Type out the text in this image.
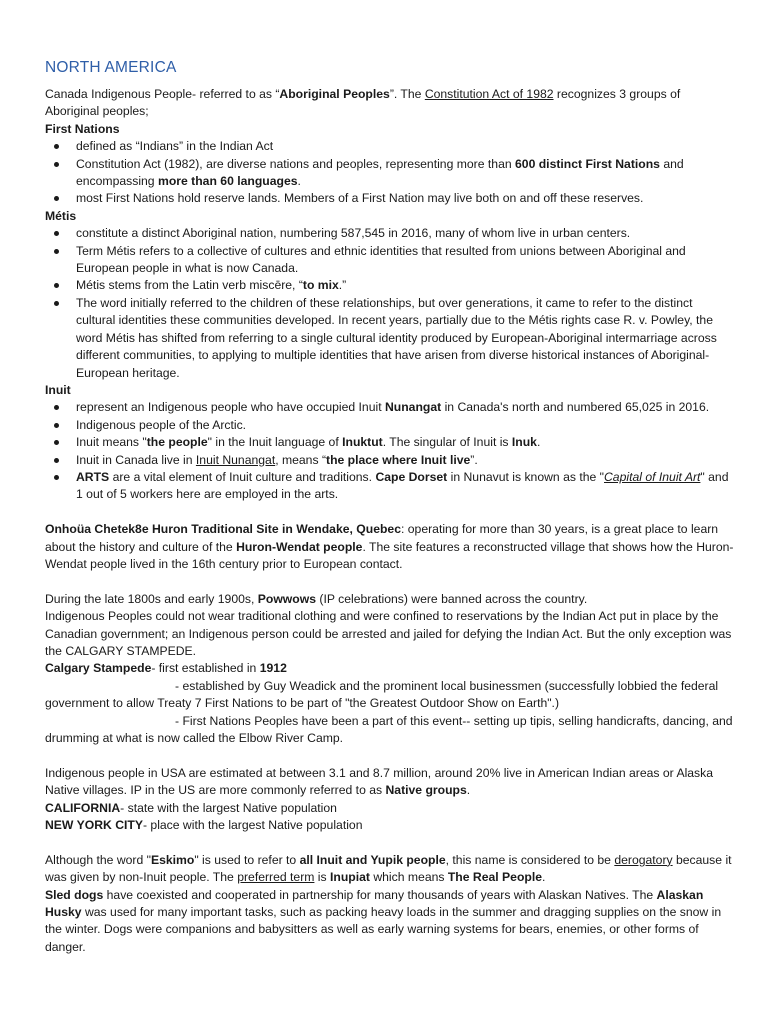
NORTH AMERICA

Canada Indigenous People- referred to as “Aboriginal Peoples”. The Constitution Act of 1982 recognizes 3 groups of Aboriginal peoples;

First Nations

defined as “Indians” in the Indian Act
Constitution Act (1982), are diverse nations and peoples, representing more than 600 distinct First Nations and encompassing more than 60 languages.
most First Nations hold reserve lands. Members of a First Nation may live both on and off these reserves.

Métis

constitute a distinct Aboriginal nation, numbering 587,545 in 2016, many of whom live in urban centers.
Term Métis refers to a collective of cultures and ethnic identities that resulted from unions between Aboriginal and European people in what is now Canada.
Métis stems from the Latin verb miscēre, “to mix.”
The word initially referred to the children of these relationships, but over generations, it came to refer to the distinct cultural identities these communities developed. In recent years, partially due to the Métis rights case R. v. Powley, the word Métis has shifted from referring to a single cultural identity produced by European-Aboriginal intermarriage across different communities, to applying to multiple identities that have arisen from diverse historical instances of Aboriginal-European heritage.

Inuit

represent an Indigenous people who have occupied Inuit Nunangat in Canada's north and numbered 65,025 in 2016.
Indigenous people of the Arctic.
Inuit means "the people" in the Inuit language of Inuktut. The singular of Inuit is Inuk.
Inuit in Canada live in Inuit Nunangat, means “the place where Inuit live”.
ARTS are a vital element of Inuit culture and traditions. Cape Dorset in Nunavut is known as the "Capital of Inuit Art" and 1 out of 5 workers here are employed in the arts.

Onhoüa Chetek8e Huron Traditional Site in Wendake, Quebec: operating for more than 30 years, is a great place to learn about the history and culture of the Huron-Wendat people. The site features a reconstructed village that shows how the Huron-Wendat people lived in the 16th century prior to European contact.

During the late 1800s and early 1900s, Powwows (IP celebrations) were banned across the country.

Indigenous Peoples could not wear traditional clothing and were confined to reservations by the Indian Act put in place by the Canadian government; an Indigenous person could be arrested and jailed for defying the Indian Act. But the only exception was the CALGARY STAMPEDE.

Calgary Stampede- first established in 1912

- established by Guy Weadick and the prominent local businessmen (successfully lobbied the federal

government to allow Treaty 7 First Nations to be part of "the Greatest Outdoor Show on Earth".)

- First Nations Peoples have been a part of this event-- setting up tipis, selling handicrafts, dancing, and

drumming at what is now called the Elbow River Camp.

Indigenous people in USA are estimated at between 3.1 and 8.7 million, around 20% live in American Indian areas or Alaska Native villages. IP in the US are more commonly referred to as Native groups.

CALIFORNIA- state with the largest Native population

NEW YORK CITY- place with the largest Native population

Although the word "Eskimo" is used to refer to all Inuit and Yupik people, this name is considered to be derogatory because it was given by non-Inuit people. The preferred term is Inupiat which means The Real People.

Sled dogs have coexisted and cooperated in partnership for many thousands of years with Alaskan Natives. The Alaskan Husky was used for many important tasks, such as packing heavy loads in the summer and dragging supplies on the snow in the winter. Dogs were companions and babysitters as well as early warning systems for bears, enemies, or other forms of danger.
